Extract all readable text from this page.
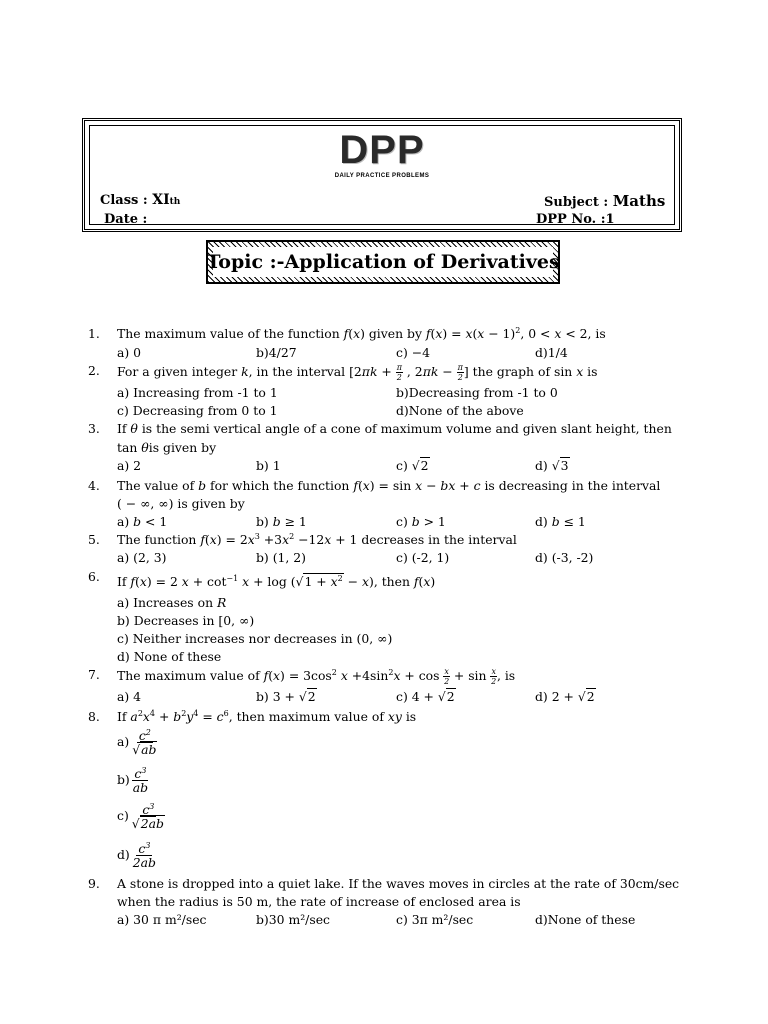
DPP
DAILY PRACTICE PROBLEMS
Class : XIth
Date :
Subject : Maths
DPP No. :1
Topic :-Application of Derivatives
1. The maximum value of the function f(x) given by $f(x) = x(x - 1)^2$, 0 < x < 2, is
a) 0	b)4/27	c) −4	d)1/4
2. For a given integer k, in the interval [$2\pi k + \frac{\pi}{2}$ , $2\pi k - \frac{\pi}{2}$ ] the graph of sin x is
a) Increasing from -1 to 1	b)Decreasing from -1 to 0
c) Decreasing from 0 to 1	d)None of the above
3. If θ is the semi vertical angle of a cone of maximum volume and given slant height, then
tan θis given by
a) 2	b) 1	c) √2	d) √3
4. The value of b for which the function f(x) = sin x − bx + c is decreasing in the interval
( − ∞, ∞) is given by
a) b < 1	b) b ≥ 1	c) b > 1	d) b ≤ 1
5. The function $f(x) = 2x^3 +3x^2 -12x + 1$ decreases in the interval
a) (2, 3)	b) (1, 2)	c) (-2, 1)	d) (-3, -2)
6. If f(x) = 2 $x + \cot^{-1} x + \log (√1 + x^2 - x)$, then f(x)
a) Increases on R
b) Decreases in [0, ∞)
c) Neither increases nor decreases in (0, ∞)
d) None of these
7. The maximum value of $f(x) = 3\cos^2$ $x +4\sin^2x + \cos \frac{x}{2} + \sin \frac{x}{2}$ , is
a) 4	b) 3 + √2	c) 4 + √2	d) 2 + √2
8. If $a^2x^4 + b^2y^4 = c^6$, then maximum value of xy is
$a) \frac{c^2}{√ab}$
$b) \frac{c^3}{ab}$
$c) \frac{c^3}{√2ab}$
$d) \frac{c^3}{2ab}$
9. A stone is dropped into a quiet lake. If the waves moves in circles at the rate of 30cm/sec
when the radius is 50 m, the rate of increase of enclosed area is
a) 30 π m²/sec	b)30 m²/sec	c) 3π m²/sec	d)None of these
